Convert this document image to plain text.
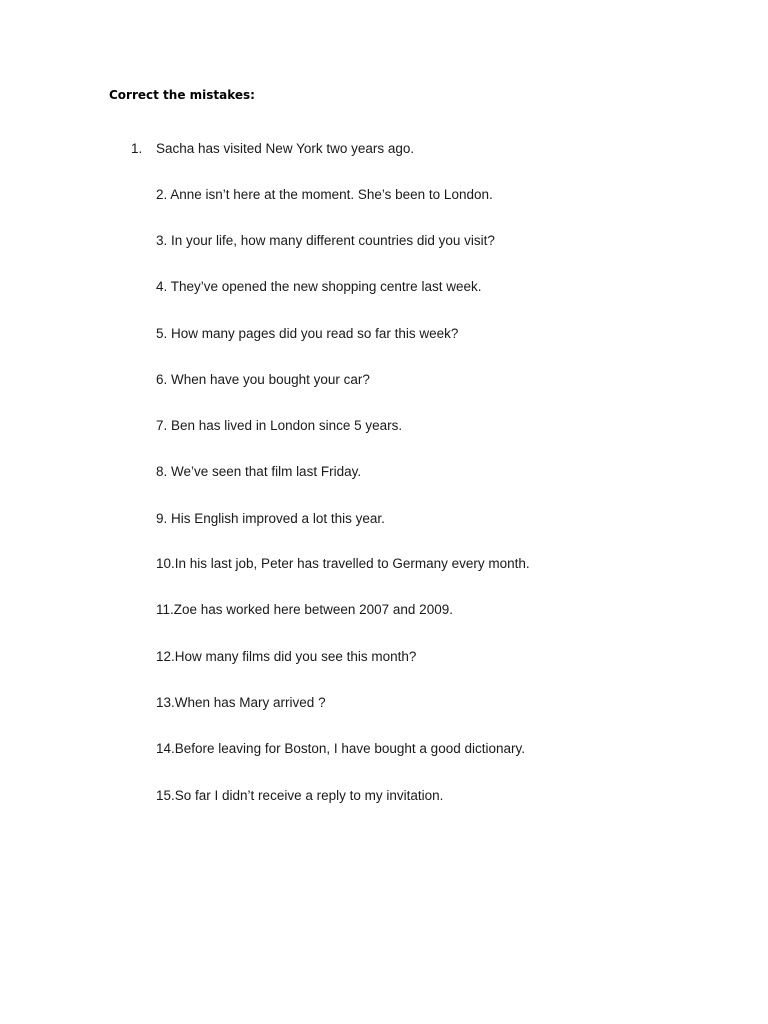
Correct the mistakes:
1. Sacha has visited New York two years ago.
2. Anne isn’t here at the moment. She’s been to London.
3. In your life, how many different countries did you visit?
4. They’ve opened the new shopping centre last week.
5. How many pages did you read so far this week?
6. When have you bought your car?
7. Ben has lived in London since 5 years.
8. We’ve seen that film last Friday.
9. His English improved a lot this year.
10.In his last job, Peter has travelled to Germany every month.
11.Zoe has worked here between 2007 and 2009.
12.How many films did you see this month?
13.When has Mary arrived ?
14.Before leaving for Boston, I have bought a good dictionary.
15.So far I didn’t receive a reply to my invitation.
